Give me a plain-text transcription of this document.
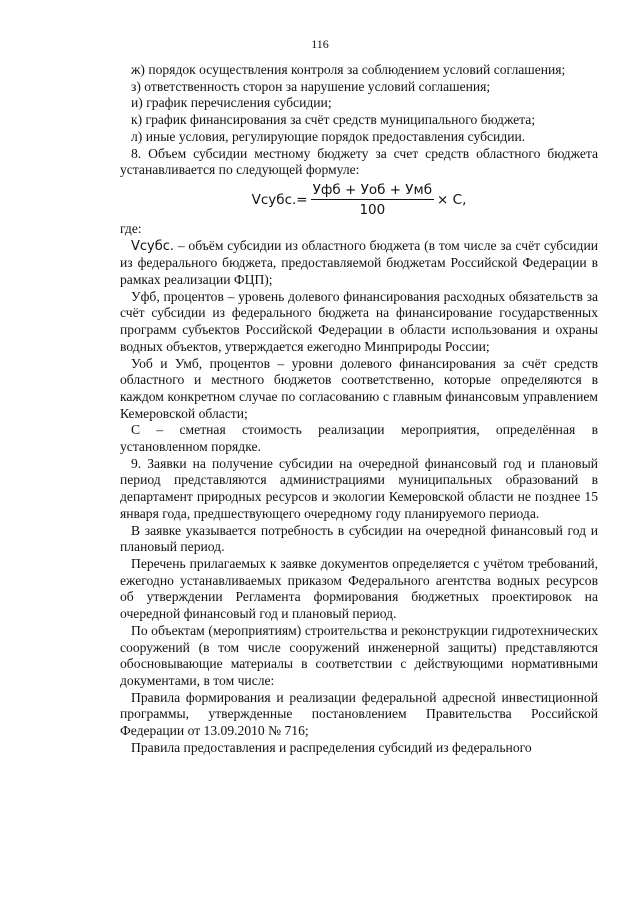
116

ж) порядок осуществления контроля за соблюдением условий соглашения;

з) ответственность сторон за нарушение условий соглашения;

и) график перечисления субсидии;

к) график финансирования за счёт средств муниципального бюджета;

л) иные условия, регулирующие порядок предоставления субсидии.

8. Объем субсидии местному бюджету за счет средств областного бюджета устанавливается по следующей формуле:

Vсубс.= $\frac{\text{Уфб + Уоб + Умб}}{100} \times С$,

где:

Vсубс. – объём субсидии из областного бюджета (в том числе за счёт субсидии из федерального бюджета, предоставляемой бюджетам Российской Федерации в рамках реализации ФЦП);

Уфб, процентов – уровень долевого финансирования расходных обязательств за счёт субсидии из федерального бюджета на финансирование государственных программ субъектов Российской Федерации в области использования и охраны водных объектов, утверждается ежегодно Минприроды России;

Уоб и Умб, процентов – уровни долевого финансирования за счёт средств областного и местного бюджетов соответственно, которые определяются в каждом конкретном случае по согласованию с главным финансовым управлением Кемеровской области;

С – сметная стоимость реализации мероприятия, определённая в установленном порядке.

9. Заявки на получение субсидии на очередной финансовый год и плановый период представляются администрациями муниципальных образований в департамент природных ресурсов и экологии Кемеровской области не позднее 15 января года, предшествующего очередному году планируемого периода.

В заявке указывается потребность в субсидии на очередной финансовый год и плановый период.

Перечень прилагаемых к заявке документов определяется с учётом требований, ежегодно устанавливаемых приказом Федерального агентства водных ресурсов об утверждении Регламента формирования бюджетных проектировок на очередной финансовый год и плановый период.

По объектам (мероприятиям) строительства и реконструкции гидротехнических сооружений (в том числе сооружений инженерной защиты) представляются обосновывающие материалы в соответствии с действующими нормативными документами, в том числе:

Правила формирования и реализации федеральной адресной инвестиционной программы, утвержденные постановлением Правительства Российской Федерации от 13.09.2010 № 716;

Правила предоставления и распределения субсидий из федерального
